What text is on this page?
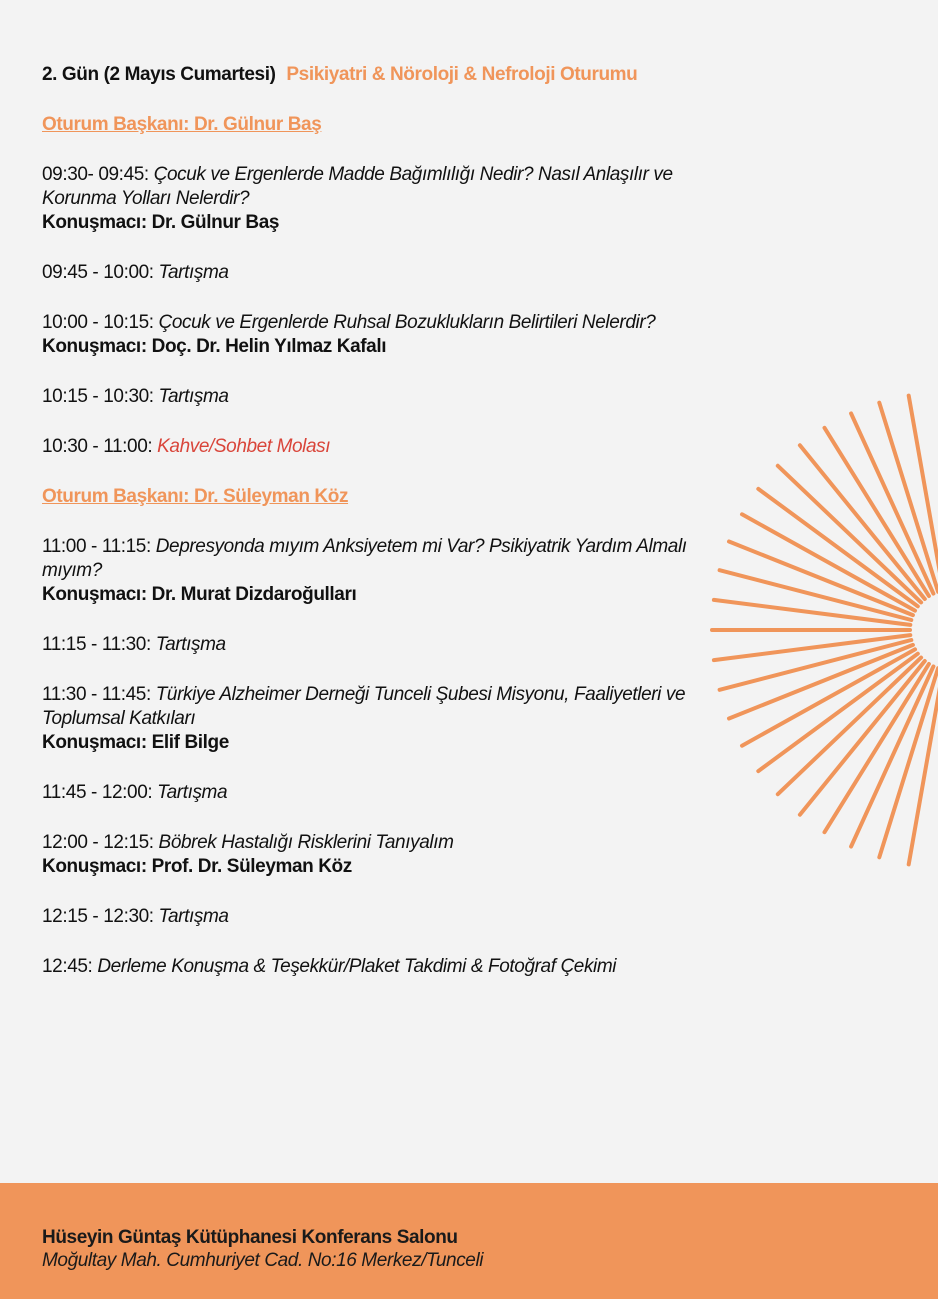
2. Gün (2 Mayıs Cumartesi) Psikiyatri & Nöroloji & Nefroloji Oturumu
Oturum Başkanı: Dr. Gülnur Baş
09:30- 09:45: Çocuk ve Ergenlerde Madde Bağımlılığı Nedir? Nasıl Anlaşılır ve Korunma Yolları Nelerdir?
Konuşmacı: Dr. Gülnur Baş
09:45 - 10:00: Tartışma
10:00 - 10:15: Çocuk ve Ergenlerde Ruhsal Bozuklukların Belirtileri Nelerdir?
Konuşmacı: Doç. Dr. Helin Yılmaz Kafalı
10:15 - 10:30: Tartışma
10:30 - 11:00: Kahve/Sohbet Molası
Oturum Başkanı: Dr. Süleyman Köz
11:00 - 11:15: Depresyonda mıyım Anksiyetem mi Var? Psikiyatrik Yardım Almalı mıyım?
Konuşmacı: Dr. Murat Dizdaroğulları
11:15 - 11:30: Tartışma
11:30 - 11:45: Türkiye Alzheimer Derneği Tunceli Şubesi Misyonu, Faaliyetleri ve Toplumsal Katkıları
Konuşmacı: Elif Bilge
11:45 - 12:00: Tartışma
12:00 - 12:15: Böbrek Hastalığı Risklerini Tanıyalım
Konuşmacı: Prof. Dr. Süleyman Köz
12:15 - 12:30: Tartışma
12:45: Derleme Konuşma & Teşekkür/Plaket Takdimi & Fotoğraf Çekimi
Hüseyin Güntaş Kütüphanesi Konferans Salonu
Moğultay Mah. Cumhuriyet Cad. No:16 Merkez/Tunceli
